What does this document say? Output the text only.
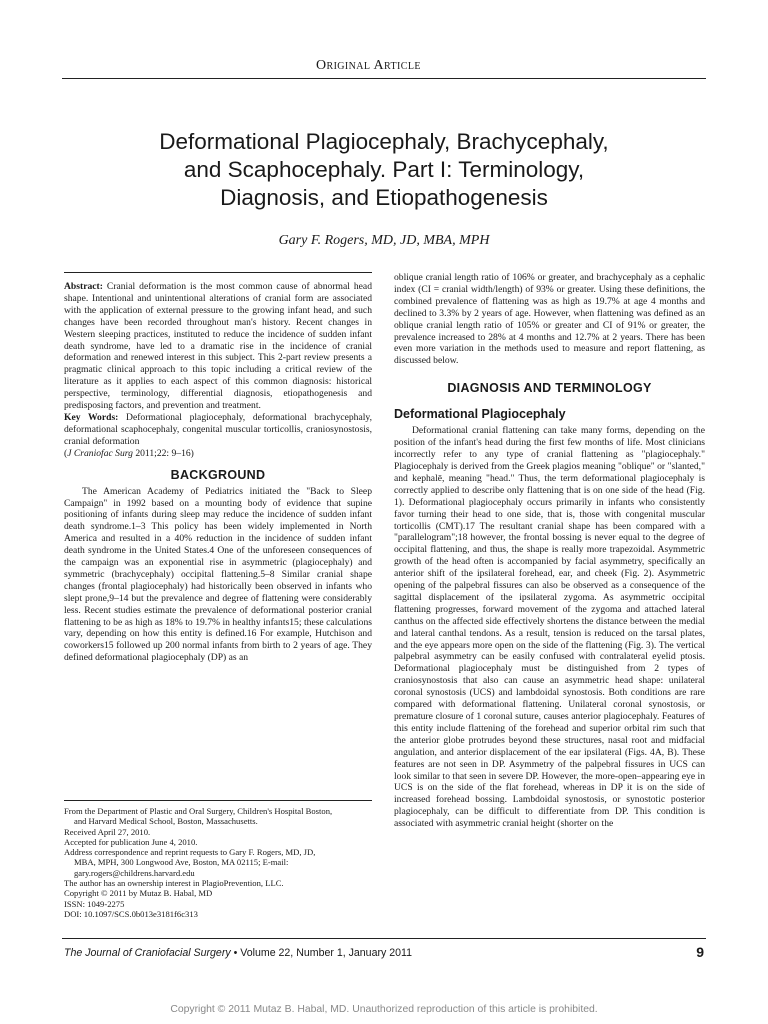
Original Article
Deformational Plagiocephaly, Brachycephaly,
and Scaphocephaly. Part I: Terminology,
Diagnosis, and Etiopathogenesis
Gary F. Rogers, MD, JD, MBA, MPH

Abstract: Cranial deformation is the most common cause of abnormal head shape. Intentional and unintentional alterations of cranial form are associated with the application of external pressure to the growing infant head, and such changes have been recorded throughout man's history. Recent changes in Western sleeping practices, instituted to reduce the incidence of sudden infant death syndrome, have led to a dramatic rise in the incidence of cranial deformation and renewed interest in this subject. This 2-part review presents a pragmatic clinical approach to this topic including a critical review of the literature as it applies to each aspect of this common diagnosis: historical perspective, terminology, differential diagnosis, etiopathogenesis and predisposing factors, and prevention and treatment.

Key Words: Deformational plagiocephaly, deformational brachycephaly, deformational scaphocephaly, congenital muscular torticollis, craniosynostosis, cranial deformation

(J Craniofac Surg 2011;22: 9–16)

BACKGROUND

The American Academy of Pediatrics initiated the "Back to Sleep Campaign" in 1992 based on a mounting body of evidence that supine positioning of infants during sleep may reduce the incidence of sudden infant death syndrome.1–3 This policy has been widely implemented in North America and resulted in a 40% reduction in the incidence of sudden infant death syndrome in the United States.4 One of the unforeseen consequences of the campaign was an exponential rise in asymmetric (plagiocephaly) and symmetric (brachycephaly) occipital flattening.5–8 Similar cranial shape changes (frontal plagiocephaly) had historically been observed in infants who slept prone,9–14 but the prevalence and degree of flattening were considerably less. Recent studies estimate the prevalence of deformational posterior cranial flattening to be as high as 18% to 19.7% in healthy infants15; these calculations vary, depending on how this entity is defined.16 For example, Hutchison and coworkers15 followed up 200 normal infants from birth to 2 years of age. They defined deformational plagiocephaly (DP) as an

From the Department of Plastic and Oral Surgery, Children's Hospital Boston,
and Harvard Medical School, Boston, Massachusetts.
Received April 27, 2010.
Accepted for publication June 4, 2010.
Address correspondence and reprint requests to Gary F. Rogers, MD, JD,
MBA, MPH, 300 Longwood Ave, Boston, MA 02115; E-mail:
gary.rogers@childrens.harvard.edu
The author has an ownership interest in PlagioPrevention, LLC.
Copyright © 2011 by Mutaz B. Habal, MD
ISSN: 1049-2275
DOI: 10.1097/SCS.0b013e3181f6c313

oblique cranial length ratio of 106% or greater, and brachycephaly as a cephalic index (CI = cranial width/length) of 93% or greater. Using these definitions, the combined prevalence of flattening was as high as 19.7% at age 4 months and declined to 3.3% by 2 years of age. However, when flattening was defined as an oblique cranial length ratio of 105% or greater and CI of 91% or greater, the prevalence increased to 28% at 4 months and 12.7% at 2 years. There has been even more variation in the methods used to measure and report flattening, as discussed below.

DIAGNOSIS AND TERMINOLOGY
Deformational Plagiocephaly

Deformational cranial flattening can take many forms, depending on the position of the infant's head during the first few months of life. Most clinicians incorrectly refer to any type of cranial flattening as "plagiocephaly." Plagiocephaly is derived from the Greek plagios meaning "oblique" or "slanted," and kephalē, meaning "head." Thus, the term deformational plagiocephaly is correctly applied to describe only flattening that is on one side of the head (Fig. 1). Deformational plagiocephaly occurs primarily in infants who consistently favor turning their head to one side, that is, those with congenital muscular torticollis (CMT).17 The resultant cranial shape has been compared with a "parallelogram";18 however, the frontal bossing is never equal to the degree of occipital flattening, and thus, the shape is really more trapezoidal. Asymmetric growth of the head often is accompanied by facial asymmetry, specifically an anterior shift of the ipsilateral forehead, ear, and cheek (Fig. 2). Asymmetric opening of the palpebral fissures can also be observed as a consequence of the sagittal displacement of the ipsilateral zygoma. As asymmetric occipital flattening progresses, forward movement of the zygoma and attached lateral canthus on the affected side effectively shortens the distance between the medial and lateral canthal tendons. As a result, tension is reduced on the tarsal plates, and the eye appears more open on the side of the flattening (Fig. 3). The vertical palpebral asymmetry can be easily confused with contralateral eyelid ptosis. Deformational plagiocephaly must be distinguished from 2 types of craniosynostosis that also can cause an asymmetric head shape: unilateral coronal synostosis (UCS) and lambdoidal synostosis. Both conditions are rare compared with deformational flattening. Unilateral coronal synostosis, or premature closure of 1 coronal suture, causes anterior plagiocephaly. Features of this entity include flattening of the forehead and superior orbital rim such that the anterior globe protrudes beyond these structures, nasal root and midfacial angulation, and anterior displacement of the ear ipsilateral (Figs. 4A, B). These features are not seen in DP. Asymmetry of the palpebral fissures in UCS can look similar to that seen in severe DP. However, the more-open–appearing eye in UCS is on the side of the flat forehead, whereas in DP it is on the side of increased forehead bossing. Lambdoidal synostosis, or synostotic posterior plagiocephaly, can be difficult to differentiate from DP. This condition is associated with asymmetric cranial height (shorter on the

The Journal of Craniofacial Surgery • Volume 22, Number 1, January 2011	9
Copyright © 2011 Mutaz B. Habal, MD. Unauthorized reproduction of this article is prohibited.
